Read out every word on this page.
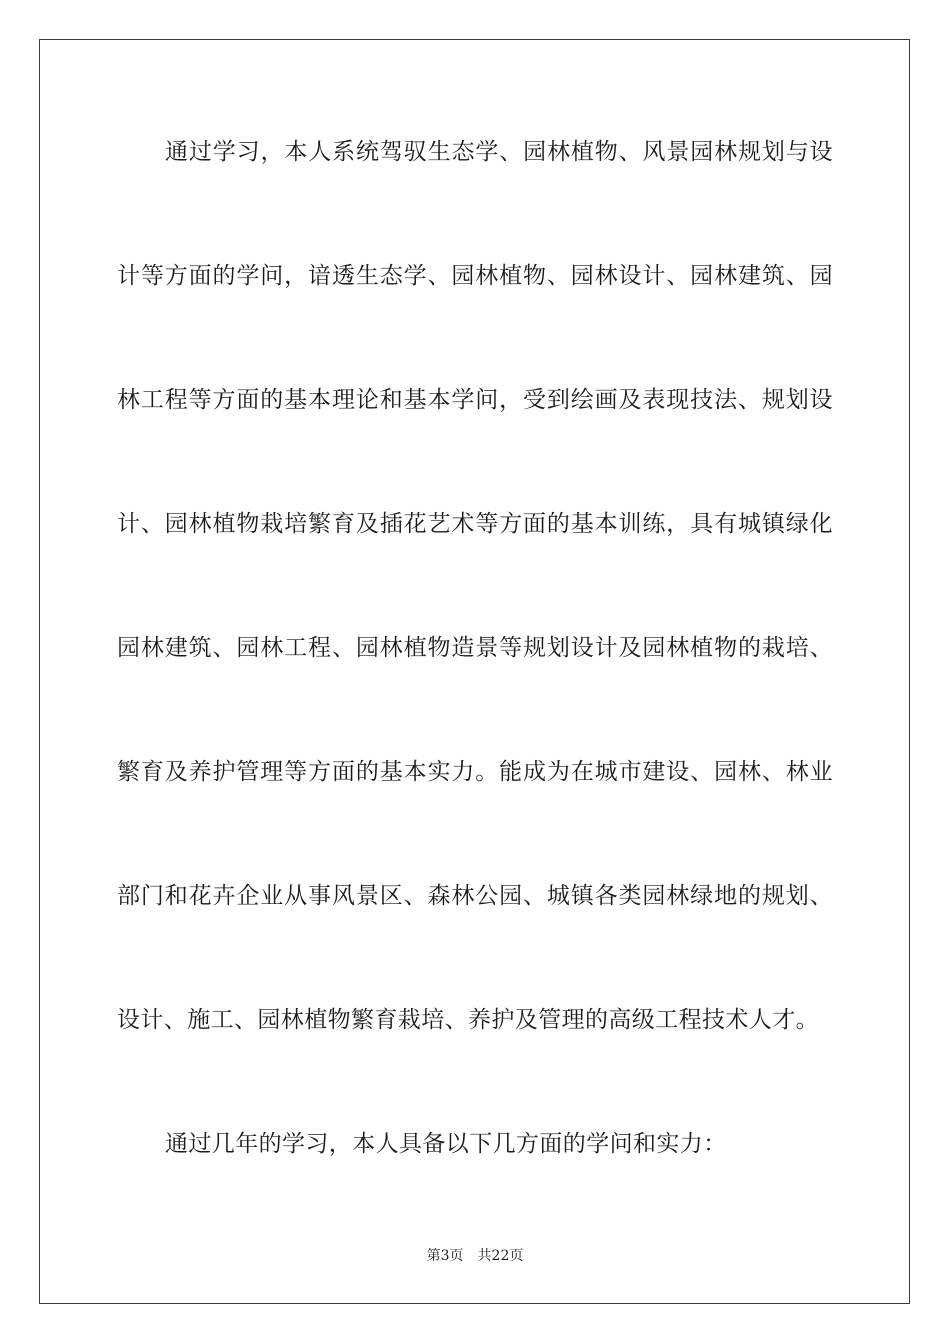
通过学习，本人系统驾驭生态学、园林植物、风景园林规划与设
计等方面的学问，谙透生态学、园林植物、园林设计、园林建筑、园
林工程等方面的基本理论和基本学问，受到绘画及表现技法、规划设
计、园林植物栽培繁育及插花艺术等方面的基本训练，具有城镇绿化
园林建筑、园林工程、园林植物造景等规划设计及园林植物的栽培、
繁育及养护管理等方面的基本实力。能成为在城市建设、园林、林业
部门和花卉企业从事风景区、森林公园、城镇各类园林绿地的规划、
设计、施工、园林植物繁育栽培、养护及管理的高级工程技术人才。
通过几年的学习，本人具备以下几方面的学问和实力：
第3页 共22页
